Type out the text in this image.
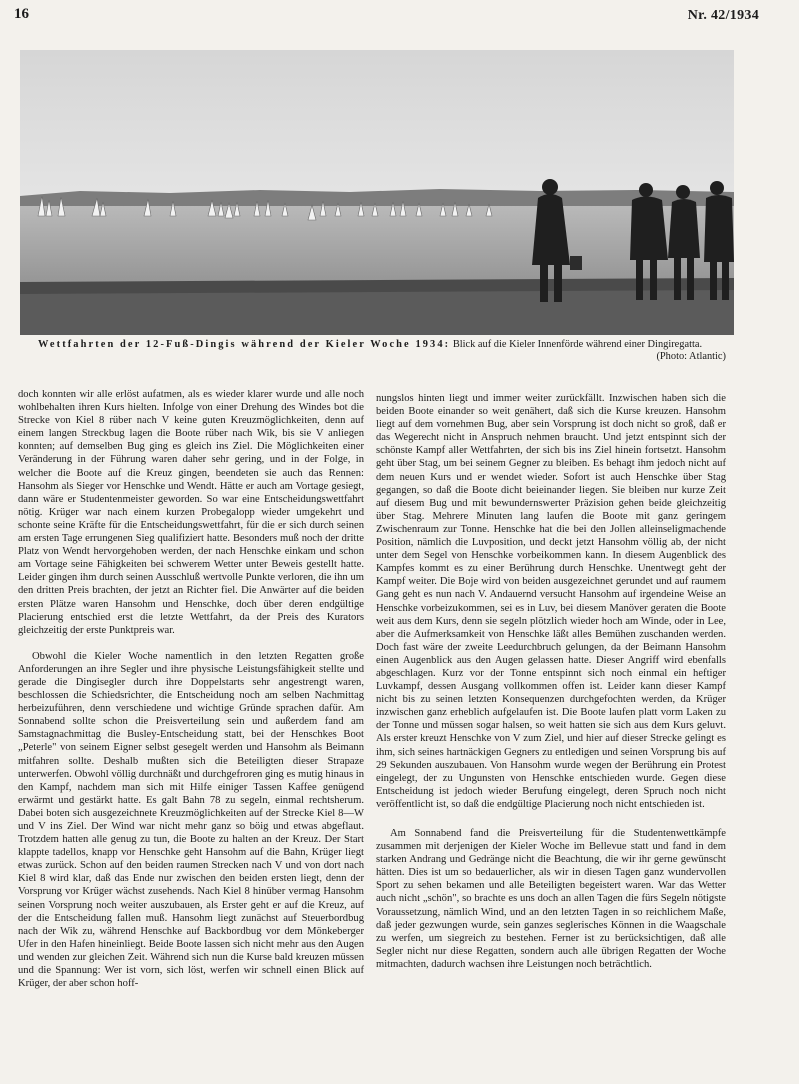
16	Nr. 42/1934
Wettfahrten der 12-Fuß-Dingis während der Kieler Woche 1934: Blick auf die Kieler Innenförde während einer Dingiregatta.
(Photo: Atlantic)

doch konnten wir alle erlöst aufatmen, als es wieder klarer wurde und alle noch wohlbehalten ihren Kurs hielten. Infolge von einer Drehung des Windes bot die Strecke von Kiel 8 rüber nach V keine guten Kreuzmöglichkeiten, denn auf einem langen Streckbug lagen die Boote rüber nach Wik, bis sie V anliegen konnten; auf demselben Bug ging es gleich ins Ziel. Die Möglichkeiten einer Veränderung in der Führung waren daher sehr gering, und in der Folge, in welcher die Boote auf die Kreuz gingen, beendeten sie auch das Rennen: Hansohm als Sieger vor Henschke und Wendt. Hätte er auch am Vortage gesiegt, dann wäre er Studentenmeister geworden. So war eine Entscheidungswettfahrt nötig. Krüger war nach einem kurzen Probegalopp wieder umgekehrt und schonte seine Kräfte für die Entscheidungswettfahrt, für die er sich durch seinen am ersten Tage errungenen Sieg qualifiziert hatte. Besonders muß noch der dritte Platz von Wendt hervorgehoben werden, der nach Henschke einkam und schon am Vortage seine Fähigkeiten bei schwerem Wetter unter Beweis gestellt hatte. Leider gingen ihm durch seinen Ausschluß wertvolle Punkte verloren, die ihn um den dritten Preis brachten, der jetzt an Richter fiel. Die Anwärter auf die beiden ersten Plätze waren Hansohm und Henschke, doch über deren endgültige Placierung entschied erst die letzte Wettfahrt, da der Preis des Kurators gleichzeitig der erste Punktpreis war.

Obwohl die Kieler Woche namentlich in den letzten Regatten große Anforderungen an ihre Segler und ihre physische Leistungsfähigkeit stellte und gerade die Dingisegler durch ihre Doppelstarts sehr angestrengt waren, beschlossen die Schiedsrichter, die Entscheidung noch am selben Nachmittag herbeizuführen, denn verschiedene und wichtige Gründe sprachen dafür. Am Sonnabend sollte schon die Preisverteilung sein und außerdem fand am Samstagnachmittag die Busley-Entscheidung statt, bei der Henschkes Boot „Peterle" von seinem Eigner selbst gesegelt werden und Hansohm als Beimann mitfahren sollte. Deshalb mußten sich die Beteiligten dieser Strapaze unterwerfen. Obwohl völlig durchnäßt und durchgefroren ging es mutig hinaus in den Kampf, nachdem man sich mit Hilfe einiger Tassen Kaffee genügend erwärmt und gestärkt hatte. Es galt Bahn 78 zu segeln, einmal rechtsherum. Dabei boten sich ausgezeichnete Kreuzmöglichkeiten auf der Strecke Kiel 8—W und V ins Ziel. Der Wind war nicht mehr ganz so böig und etwas abgeflaut. Trotzdem hatten alle genug zu tun, die Boote zu halten an der Kreuz. Der Start klappte tadellos, knapp vor Henschke geht Hansohm auf die Bahn, Krüger liegt etwas zurück. Schon auf den beiden raumen Strecken nach V und von dort nach Kiel 8 wird klar, daß das Ende nur zwischen den beiden ersten liegt, denn der Vorsprung vor Krüger wächst zusehends. Nach Kiel 8 hinüber vermag Hansohm seinen Vorsprung noch weiter auszubauen, als Erster geht er auf die Kreuz, auf der die Entscheidung fallen muß. Hansohm liegt zunächst auf Steuerbordbug nach der Wik zu, während Henschke auf Backbordbug vor dem Mönkeberger Ufer in den Hafen hineinliegt. Beide Boote lassen sich nicht mehr aus den Augen und wenden zur gleichen Zeit. Während sich nun die Kurse bald kreuzen müssen und die Spannung: Wer ist vorn, sich löst, werfen wir schnell einen Blick auf Krüger, der aber schon hoff-

nungslos hinten liegt und immer weiter zurückfällt. Inzwischen haben sich die beiden Boote einander so weit genähert, daß sich die Kurse kreuzen. Hansohm liegt auf dem vornehmen Bug, aber sein Vorsprung ist doch nicht so groß, daß er das Wegerecht nicht in Anspruch nehmen braucht. Und jetzt entspinnt sich der schönste Kampf aller Wettfahrten, der sich bis ins Ziel hinein fortsetzt. Hansohm geht über Stag, um bei seinem Gegner zu bleiben. Es behagt ihm jedoch nicht auf dem neuen Kurs und er wendet wieder. Sofort ist auch Henschke über Stag gegangen, so daß die Boote dicht beieinander liegen. Sie bleiben nur kurze Zeit auf diesem Bug und mit bewundernswerter Präzision gehen beide gleichzeitig über Stag. Mehrere Minuten lang laufen die Boote mit ganz geringem Zwischenraum zur Tonne. Henschke hat die bei den Jollen alleinseligmachende Position, nämlich die Luvposition, und deckt jetzt Hansohm völlig ab, der nicht unter dem Segel von Henschke vorbeikommen kann. In diesem Augenblick des Kampfes kommt es zu einer Berührung durch Henschke. Unentwegt geht der Kampf weiter. Die Boje wird von beiden ausgezeichnet gerundet und auf raumem Gang geht es nun nach V. Andauernd versucht Hansohm auf irgendeine Weise an Henschke vorbeizukommen, sei es in Luv, bei diesem Manöver geraten die Boote weit aus dem Kurs, denn sie segeln plötzlich wieder hoch am Winde, oder in Lee, aber die Aufmerksamkeit von Henschke läßt alles Bemühen zuschanden werden. Doch fast wäre der zweite Leedurchbruch gelungen, da der Beimann Hansohm einen Augenblick aus den Augen gelassen hatte. Dieser Angriff wird ebenfalls abgeschlagen. Kurz vor der Tonne entspinnt sich noch einmal ein heftiger Luvkampf, dessen Ausgang vollkommen offen ist. Leider kann dieser Kampf nicht bis zu seinen letzten Konsequenzen durchgefochten werden, da Krüger inzwischen ganz erheblich aufgelaufen ist. Die Boote laufen platt vorm Laken zu der Tonne und müssen sogar halsen, so weit hatten sie sich aus dem Kurs geluvt. Als erster kreuzt Henschke von V zum Ziel, und hier auf dieser Strecke gelingt es ihm, sich seines hartnäckigen Gegners zu entledigen und seinen Vorsprung bis auf 29 Sekunden auszubauen. Von Hansohm wurde wegen der Berührung ein Protest eingelegt, der zu Ungunsten von Henschke entschieden wurde. Gegen diese Entscheidung ist jedoch wieder Berufung eingelegt, deren Spruch noch nicht veröffentlicht ist, so daß die endgültige Placierung noch nicht entschieden ist.

Am Sonnabend fand die Preisverteilung für die Studentenwettkämpfe zusammen mit derjenigen der Kieler Woche im Bellevue statt und fand in dem starken Andrang und Gedränge nicht die Beachtung, die wir ihr gerne gewünscht hätten. Dies ist um so bedauerlicher, als wir in diesen Tagen ganz wundervollen Sport zu sehen bekamen und alle Beteiligten begeistert waren. War das Wetter auch nicht „schön", so brachte es uns doch an allen Tagen die fürs Segeln nötigste Voraussetzung, nämlich Wind, und an den letzten Tagen in so reichlichem Maße, daß jeder gezwungen wurde, sein ganzes seglerisches Können in die Waagschale zu werfen, um siegreich zu bestehen. Ferner ist zu berücksichtigen, daß alle Segler nicht nur diese Regatten, sondern auch alle übrigen Regatten der Woche mitmachten, dadurch wachsen ihre Leistungen noch beträchtlich.
